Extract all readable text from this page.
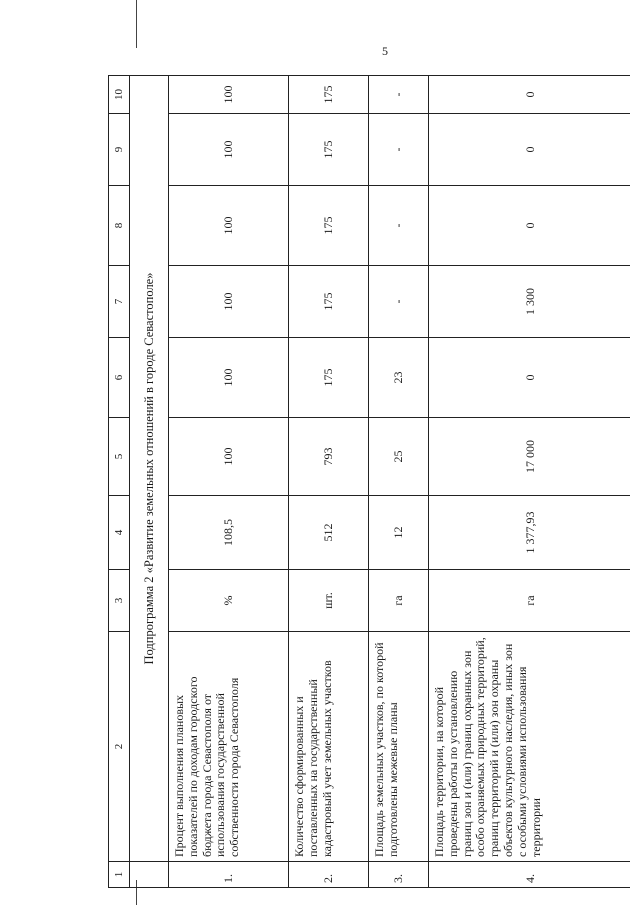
5
1	2	3	4	5	6	7	8	9	10
	Подпрограмма 2 «Развитие земельных отношений в городе Севастополе»								
1.	Процент выполнения плановых показателей по доходам городского бюджета города Севастополя от использования государственной собственности города Севастополя	%	108,5	100	100	100	100	100	100
2.	Количество сформированных и поставленных на государственный кадастровый учет земельных участков	шт.	512	793	175	175	175	175	175
3.	Площадь земельных участков, по которой подготовлены межевые планы	га	12	25	23	-	-	-	-
4.	Площадь территории, на которой проведены работы по установлению границ зон и (или) границ охранных зон особо охраняемых природных территорий, границ территорий и (или) зон охраны объектов культурного наследия, иных зон с особыми условиями использования территории	га	1 377,93	17 000	0	1 300	0	0	0
